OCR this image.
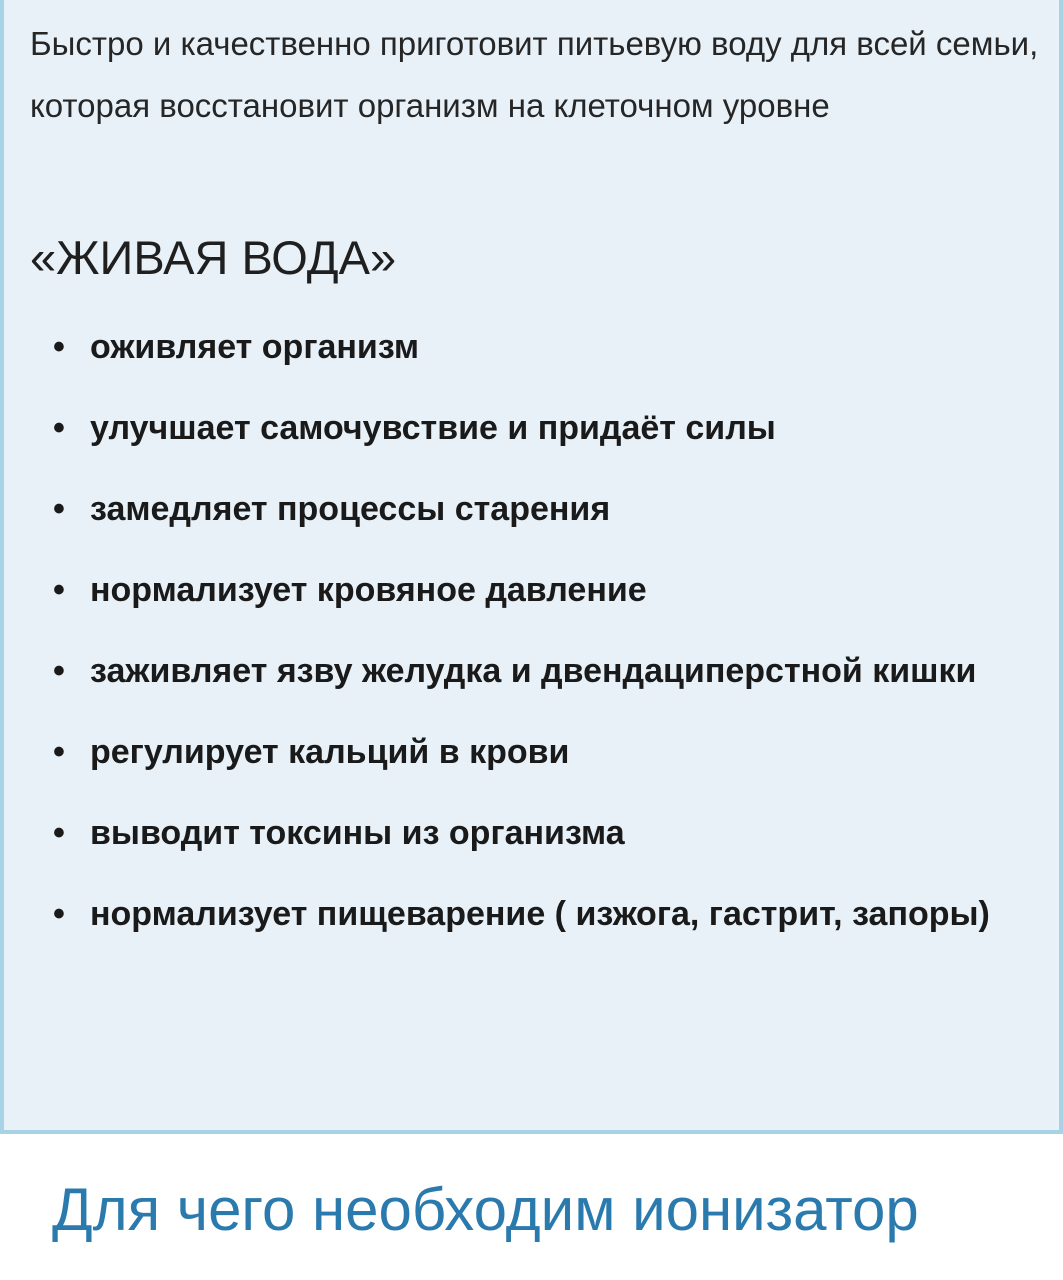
Быстро и качественно приготовит питьевую воду для всей семьи, которая восстановит организм на клеточном уровне

«ЖИВАЯ ВОДА»
• оживляет организм
• улучшает самочувствие и придаёт силы
• замедляет процессы старения
• нормализует кровяное давление
• заживляет язву желудка и двендациперстной кишки
• регулирует кальций в крови
• выводит токсины из организма
• нормализует пищеварение ( изжога, гастрит, запоры)
Для чего необходим ионизатор
